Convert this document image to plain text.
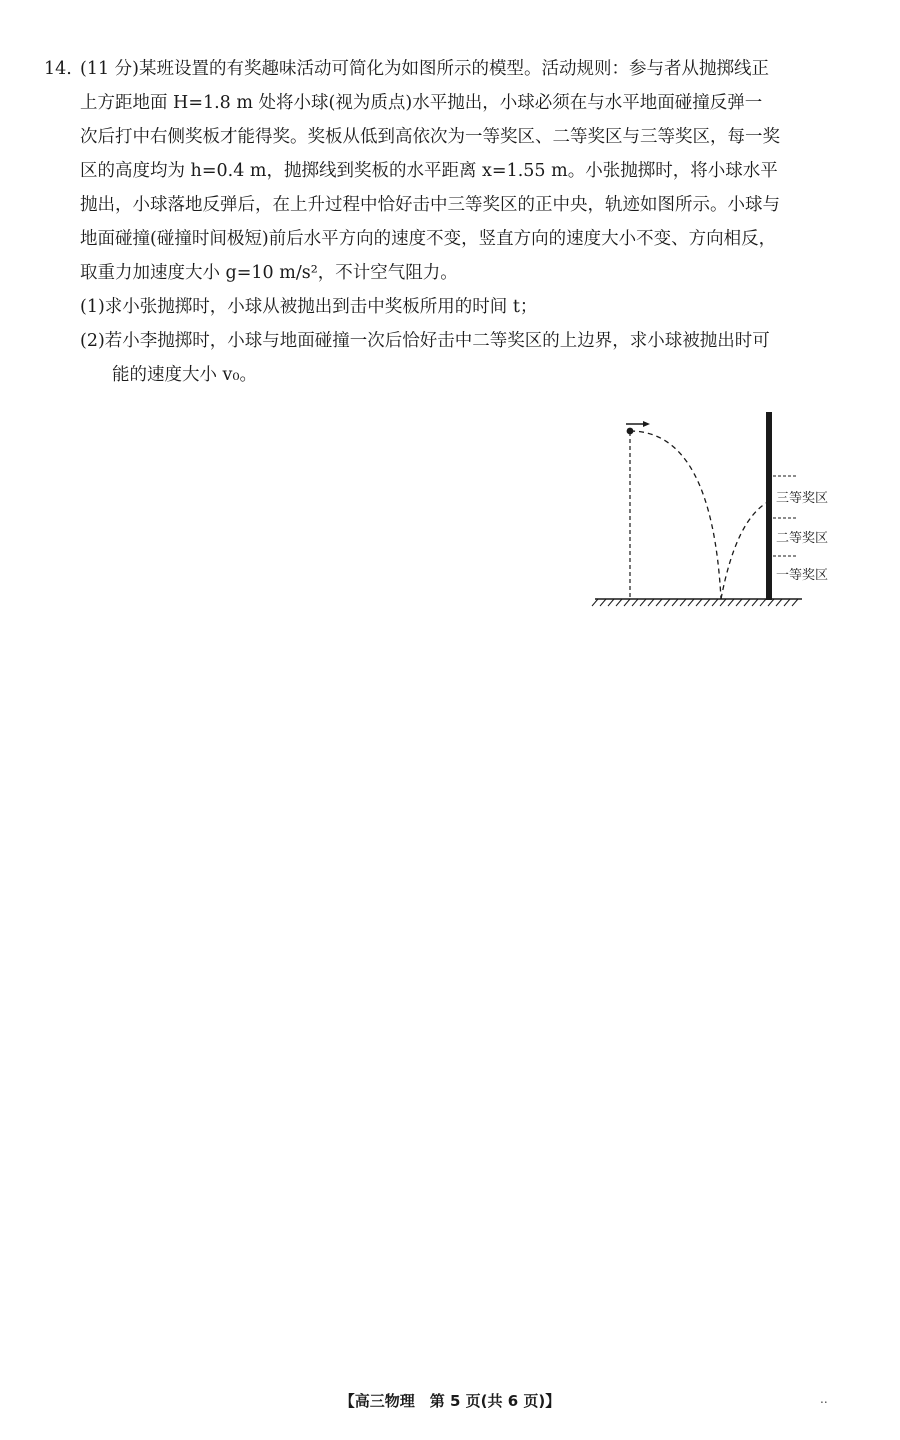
14. (11 分)某班设置的有奖趣味活动可简化为如图所示的模型。活动规则：参与者从抛掷线正
上方距地面 H=1.8 m 处将小球(视为质点)水平抛出，小球必须在与水平地面碰撞反弹一
次后打中右侧奖板才能得奖。奖板从低到高依次为一等奖区、二等奖区与三等奖区，每一奖
区的高度均为 h=0.4 m，抛掷线到奖板的水平距离 x=1.55 m。小张抛掷时，将小球水平
抛出，小球落地反弹后，在上升过程中恰好击中三等奖区的正中央，轨迹如图所示。小球与
地面碰撞(碰撞时间极短)前后水平方向的速度不变，竖直方向的速度大小不变、方向相反，
取重力加速度大小 g=10 m/s²，不计空气阻力。
(1)求小张抛掷时，小球从被抛出到击中奖板所用的时间 t；
(2)若小李抛掷时，小球与地面碰撞一次后恰好击中二等奖区的上边界，求小球被抛出时可
能的速度大小 v₀。
三等奖区
二等奖区
一等奖区
【高三物理　第 5 页(共 6 页)】	..
